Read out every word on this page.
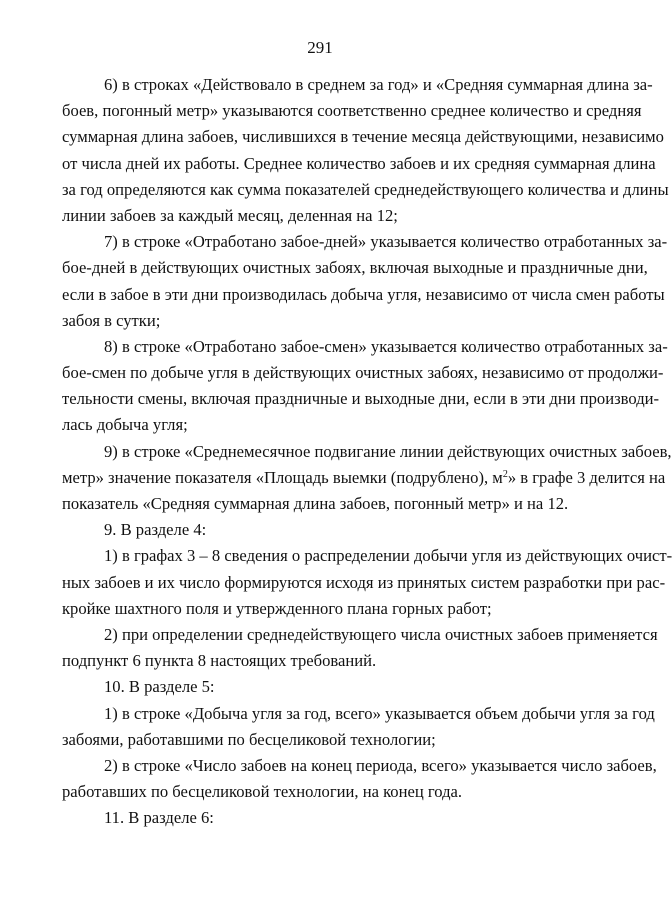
291
6) в строках «Действовало в среднем за год» и «Средняя суммарная длина за-
боев, погонный метр» указываются соответственно среднее количество и средняя
суммарная длина забоев, числившихся в течение месяца действующими, независимо
от числа дней их работы. Среднее количество забоев и их средняя суммарная длина
за год определяются как сумма показателей среднедействующего количества и длины
линии забоев за каждый месяц, деленная на 12;
7) в строке «Отработано забое-дней» указывается количество отработанных за-
бое-дней в действующих очистных забоях, включая выходные и праздничные дни,
если в забое в эти дни производилась добыча угля, независимо от числа смен работы
забоя в сутки;
8) в строке «Отработано забое-смен» указывается количество отработанных за-
бое-смен по добыче угля в действующих очистных забоях, независимо от продолжи-
тельности смены, включая праздничные и выходные дни, если в эти дни производи-
лась добыча угля;
9) в строке «Среднемесячное подвигание линии действующих очистных забоев,
метр» значение показателя «Площадь выемки (подрублено), $м^2$» в графе 3 делится на
показатель «Средняя суммарная длина забоев, погонный метр» и на 12.
9. В разделе 4:
1) в графах 3 – 8 сведения о распределении добычи угля из действующих очист-
ных забоев и их число формируются исходя из принятых систем разработки при рас-
кройке шахтного поля и утвержденного плана горных работ;
2) при определении среднедействующего числа очистных забоев применяется
подпункт 6 пункта 8 настоящих требований.
10. В разделе 5:
1) в строке «Добыча угля за год, всего» указывается объем добычи угля за год
забоями, работавшими по бесцеликовой технологии;
2) в строке «Число забоев на конец периода, всего» указывается число забоев,
работавших по бесцеликовой технологии, на конец года.
11. В разделе 6:
